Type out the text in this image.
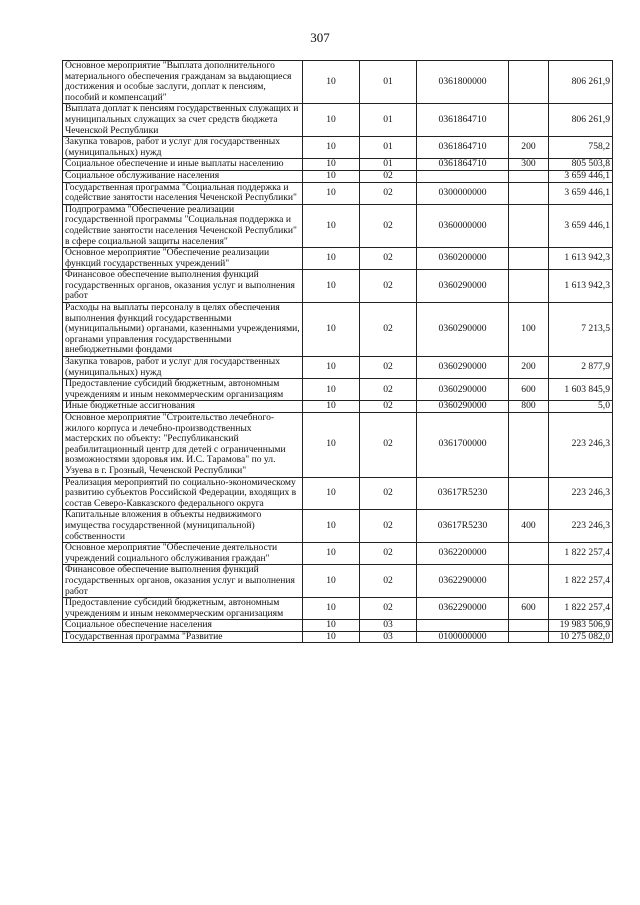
307
Основное мероприятие "Выплата дополнительного материального обеспечения гражданам за выдающиеся достижения и особые заслуги, доплат к пенсиям, пособий и компенсаций"	10	01	0361800000		806 261,9
Выплата доплат к пенсиям государственных служащих и муниципальных служащих за счет средств бюджета Чеченской Республики	10	01	0361864710		806 261,9
Закупка товаров, работ и услуг для государственных (муниципальных) нужд	10	01	0361864710	200	758,2
Социальное обеспечение и иные выплаты населению	10	01	0361864710	300	805 503,8
Социальное обслуживание населения	10	02			3 659 446,1
Государственная программа "Социальная поддержка и содействие занятости населения Чеченской Республики"	10	02	0300000000		3 659 446,1
Подпрограмма "Обеспечение реализации государственной программы "Социальная поддержка и содействие занятости населения Чеченской Республики" в сфере социальной защиты населения"	10	02	0360000000		3 659 446,1
Основное мероприятие "Обеспечение реализации функций государственных учреждений"	10	02	0360200000		1 613 942,3
Финансовое обеспечение выполнения функций государственных органов, оказания услуг и выполнения работ	10	02	0360290000		1 613 942,3
Расходы на выплаты персоналу в целях обеспечения выполнения функций государственными (муниципальными) органами, казенными учреждениями, органами управления государственными внебюджетными фондами	10	02	0360290000	100	7 213,5
Закупка товаров, работ и услуг для государственных (муниципальных) нужд	10	02	0360290000	200	2 877,9
Предоставление субсидий бюджетным, автономным учреждениям и иным некоммерческим организациям	10	02	0360290000	600	1 603 845,9
Иные бюджетные ассигнования	10	02	0360290000	800	5,0
Основное мероприятие "Строительство лечебного-жилого корпуса и лечебно-производственных мастерских по объекту: "Республиканский реабилитационный центр для детей с ограниченными возможностями здоровья им. И.С. Тарамова" по ул. Узуева в г. Грозный, Чеченской Республики"	10	02	0361700000		223 246,3
Реализация мероприятий по социально-экономическому развитию субъектов Российской Федерации, входящих в состав Северо-Кавказского федерального округа	10	02	03617R5230		223 246,3
Капитальные вложения в объекты недвижимого имущества государственной (муниципальной) собственности	10	02	03617R5230	400	223 246,3
Основное мероприятие "Обеспечение деятельности учреждений социального обслуживания граждан"	10	02	0362200000		1 822 257,4
Финансовое обеспечение выполнения функций государственных органов, оказания услуг и выполнения работ	10	02	0362290000		1 822 257,4
Предоставление субсидий бюджетным, автономным учреждениям и иным некоммерческим организациям	10	02	0362290000	600	1 822 257,4
Социальное обеспечение населения	10	03			19 983 506,9
Государственная программа "Развитие	10	03	0100000000		10 275 082,0
